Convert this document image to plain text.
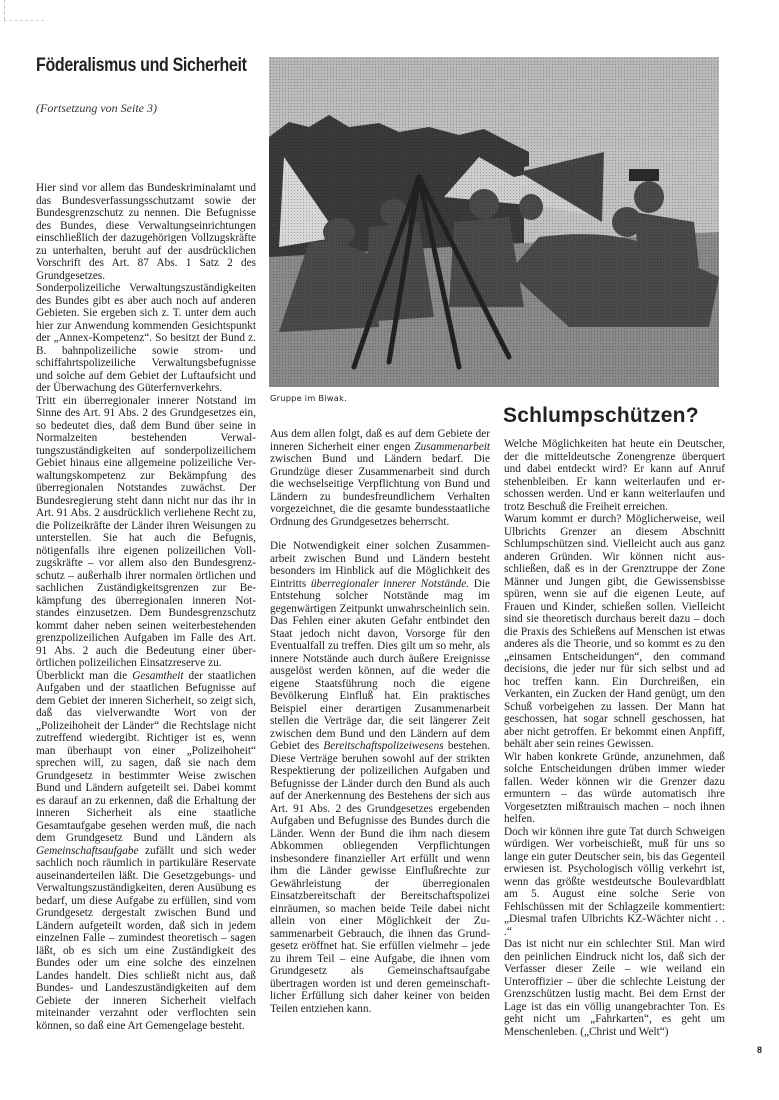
Föderalismus und Sicherheit

(Fortsetzung von Seite 3)

Hier sind vor allem das Bundeskriminalamt und das Bundesverfassungsschutzamt sowie der Bundesgrenzschutz zu nennen. Die Befugnisse des Bundes, diese Verwaltungseinrichtungen einschließlich der dazugehörigen Vollzugskräfte zu unterhalten, beruht auf der ausdrücklichen Vorschrift des Art. 87 Abs. 1 Satz 2 des Grundgesetzes.

Sonderpolizeiliche Verwaltungszuständigkeiten des Bundes gibt es aber auch noch auf anderen Gebieten. Sie ergeben sich z. T. unter dem auch hier zur Anwendung kommenden Gesichtspunkt der „Annex-Kompetenz“. So besitzt der Bund z. B. bahnpolizeiliche sowie strom- und schiffahrtspolizeiliche Verwaltungsbefugnisse und solche auf dem Gebiet der Luftaufsicht und der Überwachung des Güterfernverkehrs.

Tritt ein überregionaler innerer Notstand im Sinne des Art. 91 Abs. 2 des Grundgesetzes ein, so bedeutet dies, daß dem Bund über seine in Normalzeiten bestehenden Verwaltungszuständigkeiten auf sonderpolizeilichem Gebiet hinaus eine allgemeine polizeiliche Verwaltungskompetenz zur Bekämpfung des überregionalen Notstandes zuwächst. Der Bundesregierung steht dann nicht nur das ihr in Art. 91 Abs. 2 ausdrücklich verliehene Recht zu, die Polizeikräfte der Länder ihren Weisungen zu unterstellen. Sie hat auch die Befugnis, nötigenfalls ihre eigenen polizeilichen Vollzugskräfte – vor allem also den Bundesgrenzschutz – außerhalb ihrer normalen örtlichen und sachlichen Zuständigkeitsgrenzen zur Bekämpfung des überregionalen inneren Notstandes einzusetzen. Dem Bundesgrenzschutz kommt daher neben seinen weiterbestehenden grenzpolizeilichen Aufgaben im Falle des Art. 91 Abs. 2 auch die Bedeutung einer überörtlichen polizeilichen Einsatzreserve zu.

Überblickt man die Gesamtheit der staatlichen Aufgaben und der staatlichen Befugnisse auf dem Gebiet der inneren Sicherheit, so zeigt sich, daß das vielverwandte Wort von der „Polizeihoheit der Länder“ die Rechtslage nicht zutreffend wiedergibt. Richtiger ist es, wenn man überhaupt von einer „Polizeihoheit“ sprechen will, zu sagen, daß sie nach dem Grundgesetz in bestimmter Weise zwischen Bund und Ländern aufgeteilt sei. Dabei kommt es darauf an zu erkennen, daß die Erhaltung der inneren Sicherheit als eine staatliche Gesamtaufgabe gesehen werden muß, die nach dem Grundgesetz Bund und Ländern als Gemeinschaftsaufgabe zufällt und sich weder sachlich noch räumlich in partikuläre Reservate auseinanderteilen läßt. Die Gesetzgebungs- und Verwaltungszuständigkeiten, deren Ausübung es bedarf, um diese Aufgabe zu erfüllen, sind vom Grundgesetz dergestalt zwischen Bund und Ländern aufgeteilt worden, daß sich in jedem einzelnen Falle – zumindest theoretisch – sagen läßt, ob es sich um eine Zuständigkeit des Bundes oder um eine solche des einzelnen Landes handelt. Dies schließt nicht aus, daß Bundes- und Landeszuständigkeiten auf dem Gebiete der inneren Sicherheit vielfach miteinander verzahnt oder verflochten sein können, so daß eine Art Gemengelage besteht.

Gruppe im Biwak.

Aus dem allen folgt, daß es auf dem Gebiete der inneren Sicherheit einer engen Zusammenarbeit zwischen Bund und Ländern bedarf. Die Grundzüge dieser Zusammenarbeit sind durch die wechselseitige Verpflichtung von Bund und Ländern zu bundesfreundlichem Verhalten vorgezeichnet, die die gesamte bundesstaatliche Ordnung des Grundgesetzes beherrscht.

Die Notwendigkeit einer solchen Zusammenarbeit zwischen Bund und Ländern besteht besonders im Hinblick auf die Möglichkeit des Eintritts überregionaler innerer Notstände. Die Entstehung solcher Notstände mag im gegenwärtigen Zeitpunkt unwahrscheinlich sein. Das Fehlen einer akuten Gefahr entbindet den Staat jedoch nicht davon, Vorsorge für den Eventualfall zu treffen. Dies gilt um so mehr, als innere Notstände auch durch äußere Ereignisse ausgelöst werden können, auf die weder die eigene Staatsführung noch die eigene Bevölkerung Einfluß hat. Ein praktisches Beispiel einer derartigen Zusammenarbeit stellen die Verträge dar, die seit längerer Zeit zwischen dem Bund und den Ländern auf dem Gebiet des Bereitschaftspolizeiwesens bestehen. Diese Verträge beruhen sowohl auf der strikten Respektierung der polizeilichen Aufgaben und Befugnisse der Länder durch den Bund als auch auf der Anerkennung des Bestehens der sich aus Art. 91 Abs. 2 des Grundgesetzes ergebenden Aufgaben und Befugnisse des Bundes durch die Länder. Wenn der Bund die ihm nach diesem Abkommen obliegenden Verpflichtungen insbesondere finanzieller Art erfüllt und wenn ihm die Länder gewisse Einflußrechte zur Gewährleistung der überregionalen Einsatzbereitschaft der Bereitschaftspolizei einräumen, so machen beide Teile dabei nicht allein von einer Möglichkeit der Zusammenarbeit Gebrauch, die ihnen das Grundgesetz eröffnet hat. Sie erfüllen vielmehr – jede zu ihrem Teil – eine Aufgabe, die ihnen vom Grundgesetz als Gemeinschaftsaufgabe übertragen worden ist und deren gemeinschaftlicher Erfüllung sich daher keiner von beiden Teilen entziehen kann.

Schlumpschützen?

Welche Möglichkeiten hat heute ein Deutscher, der die mitteldeutsche Zonengrenze überquert und dabei entdeckt wird? Er kann auf Anruf stehenbleiben. Er kann weiterlaufen und erschossen werden. Und er kann weiterlaufen und trotz Beschuß die Freiheit erreichen.

Warum kommt er durch? Möglicherweise, weil Ulbrichts Grenzer an diesem Abschnitt Schlumpschützen sind. Vielleicht auch aus ganz anderen Gründen. Wir können nicht ausschließen, daß es in der Grenztruppe der Zone Männer und Jungen gibt, die Gewissensbisse spüren, wenn sie auf die eigenen Leute, auf Frauen und Kinder, schießen sollen. Vielleicht sind sie theoretisch durchaus bereit dazu – doch die Praxis des Schießens auf Menschen ist etwas anderes als die Theorie, und so kommt es zu den „einsamen Entscheidungen“, den command decisions, die jeder nur für sich selbst und ad hoc treffen kann. Ein Durchreißen, ein Verkanten, ein Zucken der Hand genügt, um den Schuß vorbeigehen zu lassen. Der Mann hat geschossen, hat sogar schnell geschossen, hat aber nicht getroffen. Er bekommt einen Anpfiff, behält aber sein reines Gewissen.

Wir haben konkrete Gründe, anzunehmen, daß solche Entscheidungen drüben immer wieder fallen. Weder können wir die Grenzer dazu ermuntern – das würde automatisch ihre Vorgesetzten mißtrauisch machen – noch ihnen helfen.

Doch wir können ihre gute Tat durch Schweigen würdigen. Wer vorbeischießt, muß für uns so lange ein guter Deutscher sein, bis das Gegenteil erwiesen ist. Psychologisch völlig verkehrt ist, wenn das größte westdeutsche Boulevardblatt am 5. August eine solche Serie von Fehlschüssen mit der Schlagzeile kommentiert: „Diesmal trafen Ulbrichts KZ-Wächter nicht . . .“

Das ist nicht nur ein schlechter Stil. Man wird den peinlichen Eindruck nicht los, daß sich der Verfasser dieser Zeile – wie weiland ein Unteroffizier – über die schlechte Leistung der Grenzschützen lustig macht. Bei dem Ernst der Lage ist das ein völlig unangebrachter Ton. Es geht nicht um „Fahrkarten“, es geht um Menschenleben. („Christ und Welt“)

8
